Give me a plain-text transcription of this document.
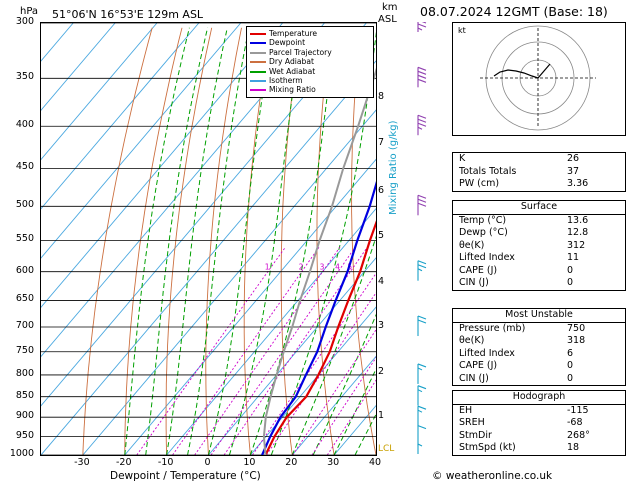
hPa 51°06'N 16°53'E 129m ASL	08.07.2024 12GMT (Base: 18)
km
ASL
1	2 3 4 5
300
350
400
450
500
550
600
650
700
750
800
850
900
950
1000
-30	-20	-10	0	10	20	30	40
1
2
3
4
5
6
7
8
Dewpoint / Temperature (°C)
Mixing Ratio (g/kg)
LCL
Temperature
Dewpoint
Parcel Trajectory
Dry Adiabat
Wet Adiabat
Isotherm
Mixing Ratio
kt
K	26
Totals Totals	37
PW (cm)	3.36
Surface
Temp (°C)	13.6
Dewp (°C)	12.8
θe(K)	312
Lifted Index	11
CAPE (J)	0
CIN (J)	0
Most Unstable
Pressure (mb)	750
θe(K)	318
Lifted Index	6
CAPE (J)	0
CIN (J)	0
Hodograph
EH	-115
SREH	-68
StmDir	268°
StmSpd (kt)	18
© weatheronline.co.uk
